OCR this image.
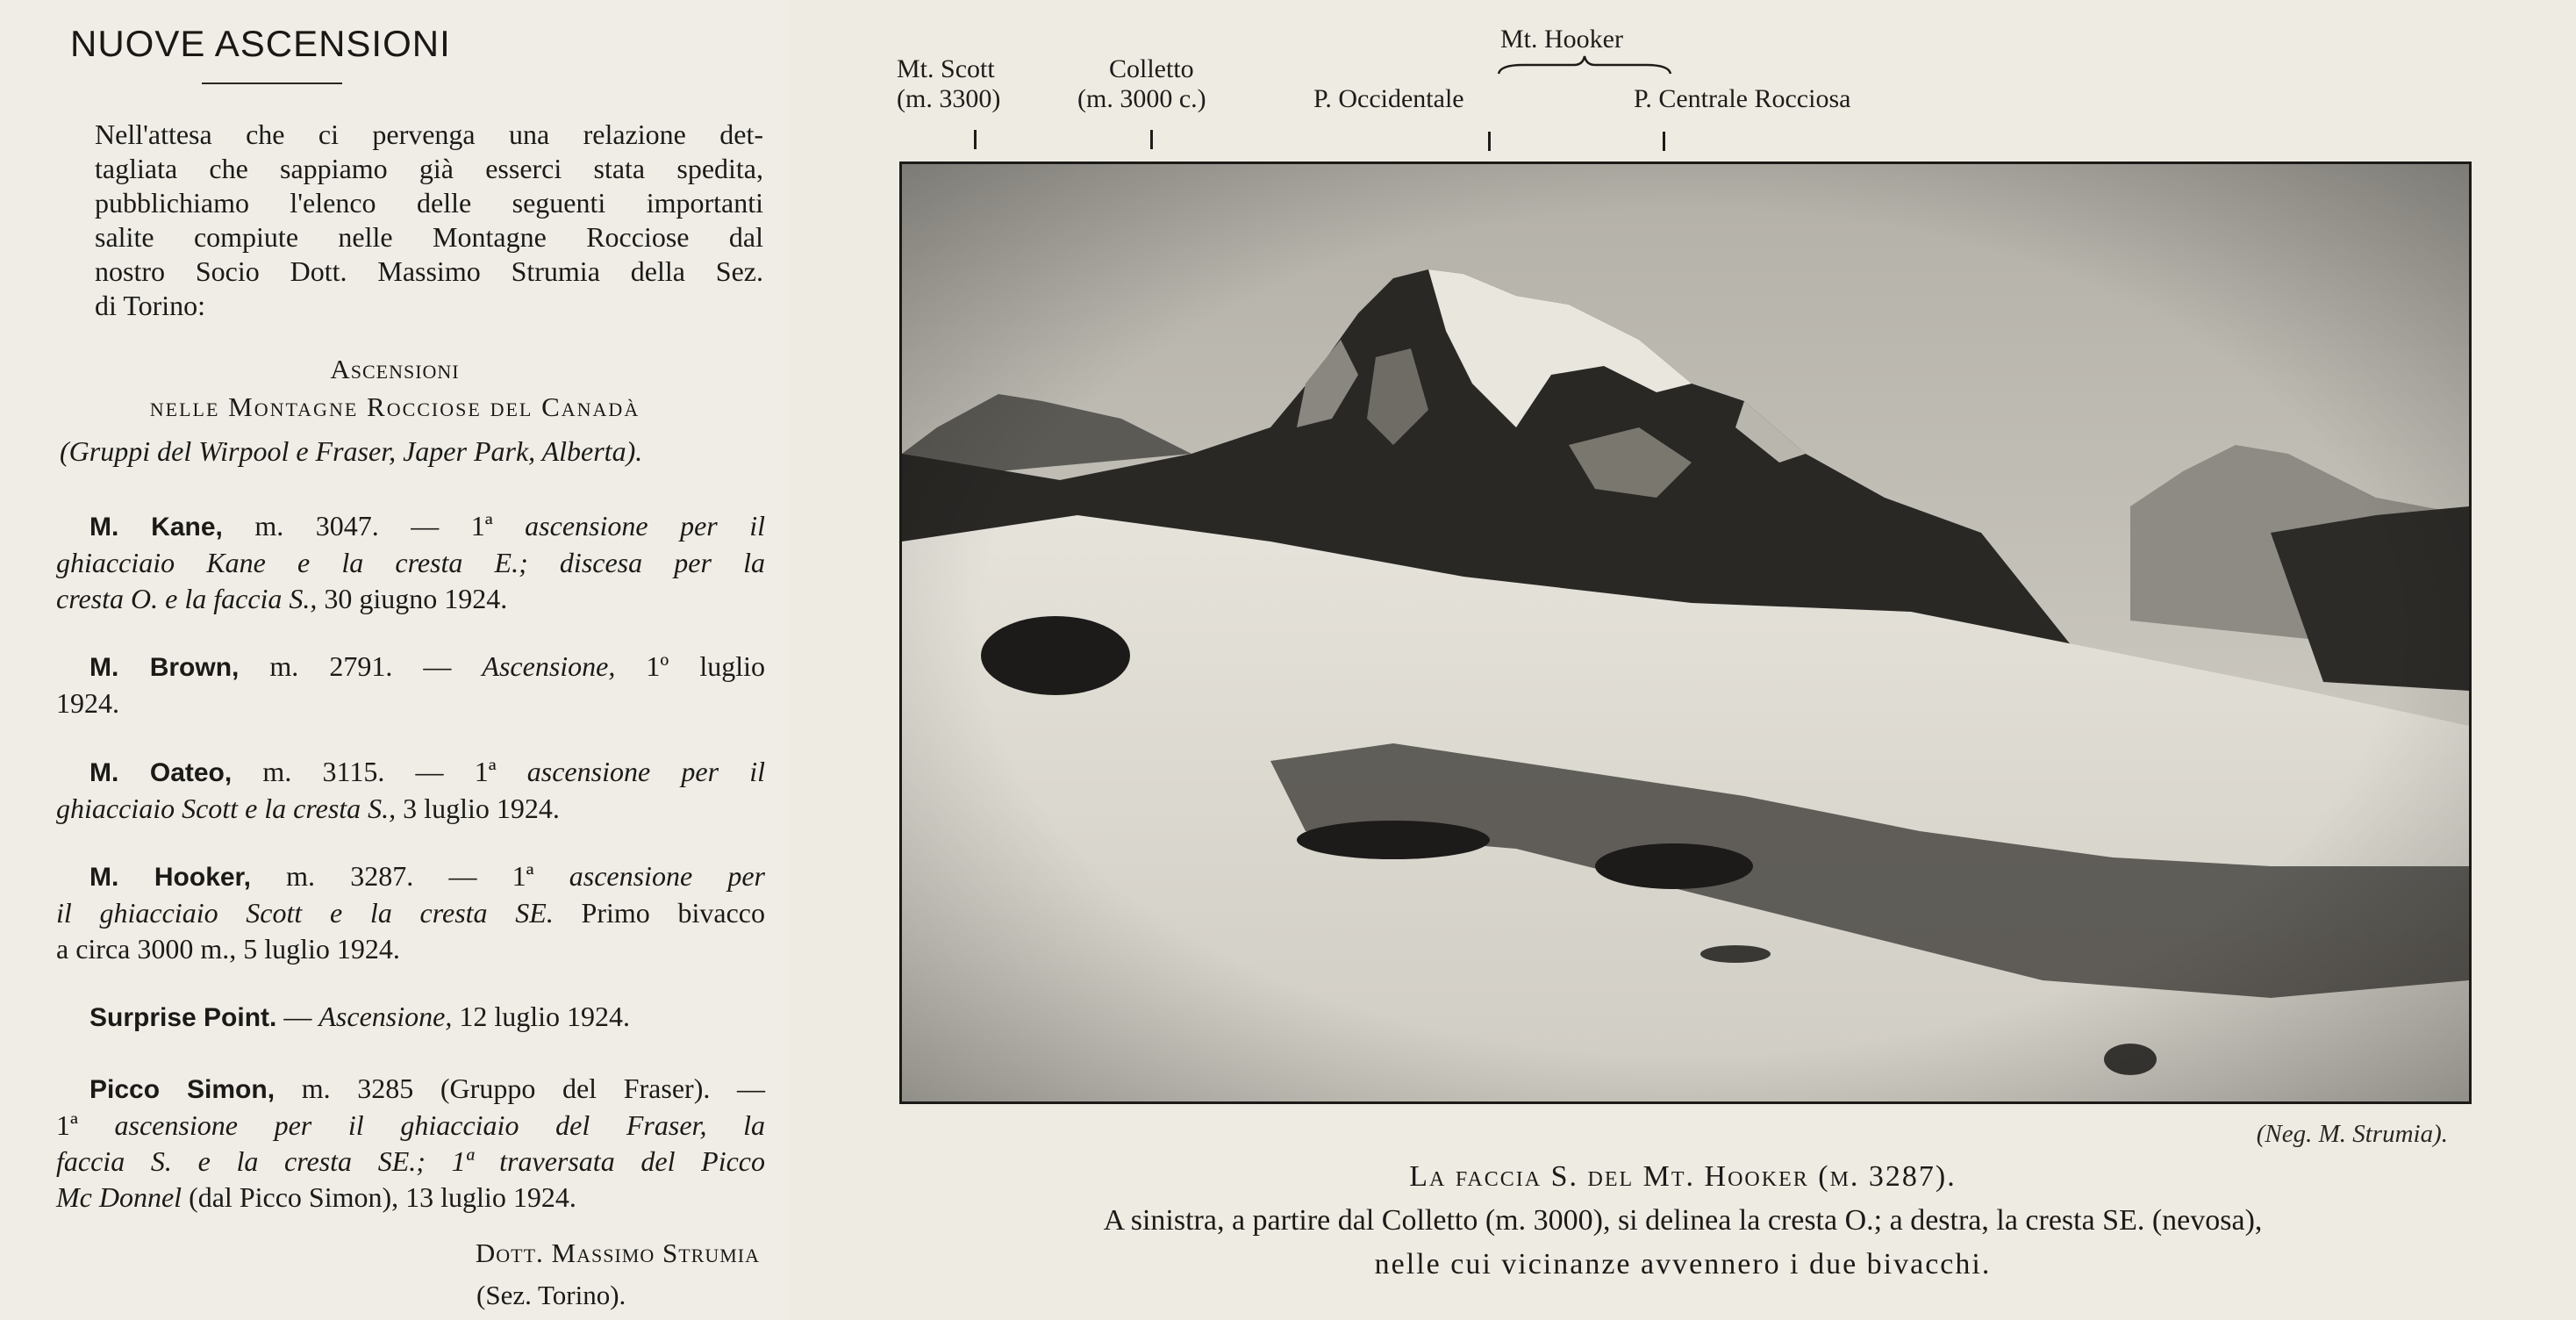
NUOVE ASCENSIONI
Nell'attesa che ci pervenga una relazione det-
tagliata che sappiamo già esserci stata spedita,
pubblichiamo l'elenco delle seguenti importanti
salite compiute nelle Montagne Rocciose dal
nostro Socio Dott. Massimo Strumia della Sez.
di Torino:
Ascensioni
nelle Montagne Rocciose del Canadà
(Gruppi del Wirpool e Fraser, Japer Park, Alberta).
M. Kane, m. 3047. — 1ª ascensione per il
ghiacciaio Kane e la cresta E.; discesa per la
cresta O. e la faccia S., 30 giugno 1924.
M. Brown, m. 2791. — Ascensione, 1º luglio
1924.
M. Oateo, m. 3115. — 1ª ascensione per il
ghiacciaio Scott e la cresta S., 3 luglio 1924.
M. Hooker, m. 3287. — 1ª ascensione per
il ghiacciaio Scott e la cresta SE. Primo bivacco
a circa 3000 m., 5 luglio 1924.
Surprise Point. — Ascensione, 12 luglio 1924.
Picco Simon, m. 3285 (Gruppo del Fraser). —
1ª ascensione per il ghiacciaio del Fraser, la
faccia S. e la cresta SE.; 1ª traversata del Picco
Mc Donnel (dal Picco Simon), 13 luglio 1924.
Dott. Massimo Strumia
(Sez. Torino).
Mt. Scott
(m. 3300)
Colletto
(m. 3000 c.)
Mt. Hooker
P. Occidentale	P. Centrale Rocciosa
(Neg. M. Strumia).
La faccia S. del Mt. Hooker (m. 3287).
A sinistra, a partire dal Colletto (m. 3000), si delinea la cresta O.; a destra, la cresta SE. (nevosa),
nelle cui vicinanze avvennero i due bivacchi.
